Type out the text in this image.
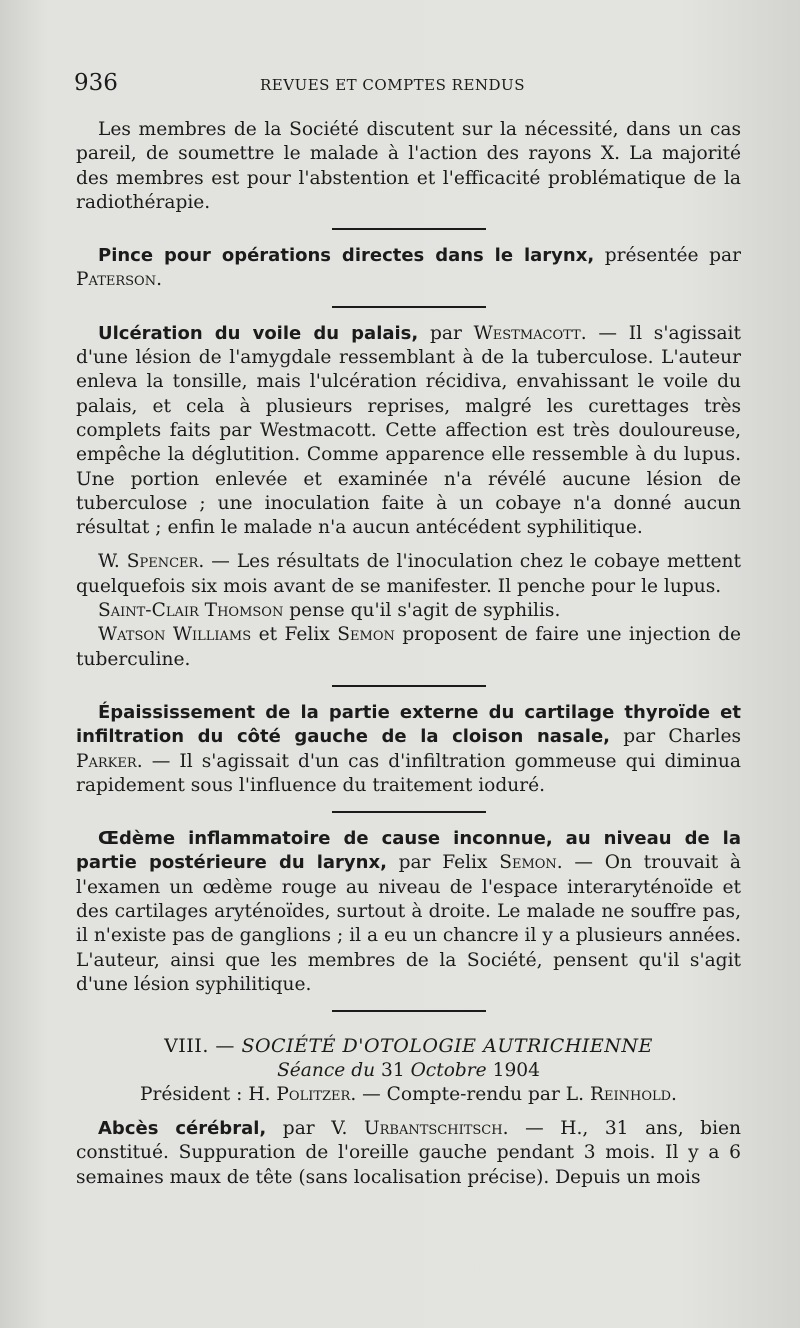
936	REVUES ET COMPTES RENDUS

Les membres de la Société discutent sur la nécessité, dans un cas pareil, de soumettre le malade à l'action des rayons X. La majorité des membres est pour l'abstention et l'efficacité problématique de la radiothérapie.

Pince pour opérations directes dans le larynx, présentée par Paterson.

Ulcération du voile du palais, par Westmacott. — Il s'agissait d'une lésion de l'amygdale ressemblant à de la tuberculose. L'auteur enleva la tonsille, mais l'ulcération récidiva, envahissant le voile du palais, et cela à plusieurs reprises, malgré les curettages très complets faits par Westmacott. Cette affection est très douloureuse, empêche la déglutition. Comme apparence elle ressemble à du lupus. Une portion enlevée et examinée n'a révélé aucune lésion de tuberculose ; une inoculation faite à un cobaye n'a donné aucun résultat ; enfin le malade n'a aucun antécédent syphilitique.

W. Spencer. — Les résultats de l'inoculation chez le cobaye mettent quelquefois six mois avant de se manifester. Il penche pour le lupus.

Saint-Clair Thomson pense qu'il s'agit de syphilis.

Watson Williams et Felix Semon proposent de faire une injection de tuberculine.

Épaississement de la partie externe du cartilage thyroïde et infiltration du côté gauche de la cloison nasale, par Charles Parker. — Il s'agissait d'un cas d'infiltration gommeuse qui diminua rapidement sous l'influence du traitement ioduré.

Œdème inflammatoire de cause inconnue, au niveau de la partie postérieure du larynx, par Felix Semon. — On trouvait à l'examen un œdème rouge au niveau de l'espace interaryténoïde et des cartilages aryténoïdes, surtout à droite. Le malade ne souffre pas, il n'existe pas de ganglions ; il a eu un chancre il y a plusieurs années. L'auteur, ainsi que les membres de la Société, pensent qu'il s'agit d'une lésion syphilitique.

VIII. — SOCIÉTÉ D'OTOLOGIE AUTRICHIENNE

Séance du 31 Octobre 1904

Président : H. Politzer. — Compte-rendu par L. Reinhold.

Abcès cérébral, par V. Urbantschitsch. — H., 31 ans, bien constitué. Suppuration de l'oreille gauche pendant 3 mois. Il y a 6 semaines maux de tête (sans localisation précise). Depuis un mois
